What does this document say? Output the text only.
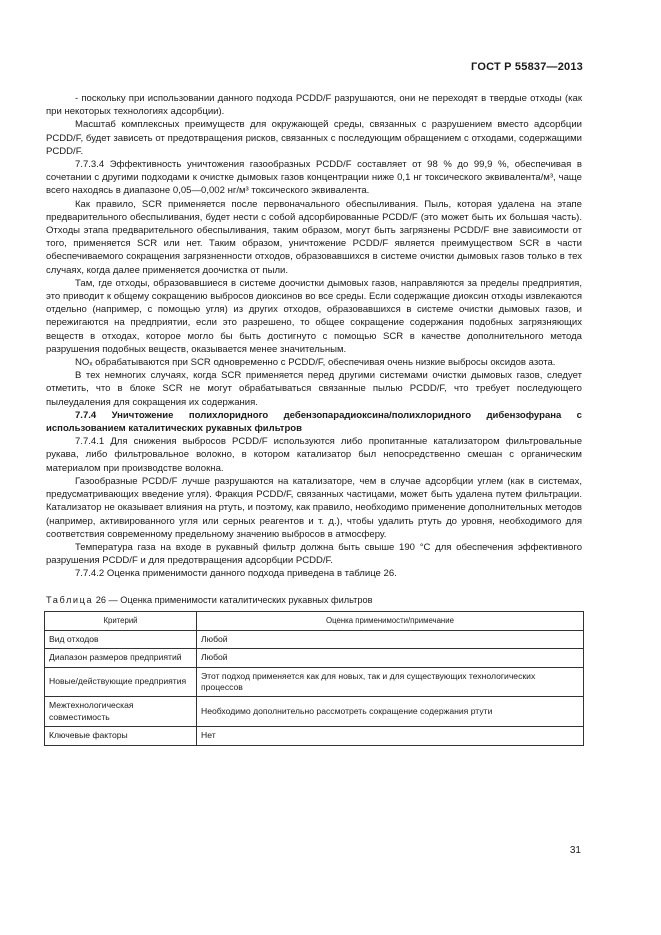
ГОСТ Р 55837—2013

- поскольку при использовании данного подхода PCDD/F разрушаются, они не переходят в твердые отходы (как при некоторых технологиях адсорбции).

Масштаб комплексных преимуществ для окружающей среды, связанных с разрушением вместо адсорбции PCDD/F, будет зависеть от предотвращения рисков, связанных с последующим обращением с отходами, содержащими PCDD/F.

7.7.3.4 Эффективность уничтожения газообразных PCDD/F составляет от 98 % до 99,9 %, обеспечивая в сочетании с другими подходами к очистке дымовых газов концентрации ниже 0,1 нг токсического эквивалента/м³, чаще всего находясь в диапазоне 0,05—0,002 нг/м³ токсического эквивалента.

Как правило, SCR применяется после первоначального обеспыливания. Пыль, которая удалена на этапе предварительного обеспыливания, будет нести с собой адсорбированные PCDD/F (это может быть их большая часть). Отходы этапа предварительного обеспыливания, таким образом, могут быть загрязнены PCDD/F вне зависимости от того, применяется SCR или нет. Таким образом, уничтожение PCDD/F является преимуществом SCR в части обеспечиваемого сокращения загрязненности отходов, образовавшихся в системе очистки дымовых газов только в тех случаях, когда далее применяется доочистка от пыли.

Там, где отходы, образовавшиеся в системе доочистки дымовых газов, направляются за пределы предприятия, это приводит к общему сокращению выбросов диоксинов во все среды. Если содержащие диоксин отходы извлекаются отдельно (например, с помощью угля) из других отходов, образовавшихся в системе очистки дымовых газов, и пережигаются на предприятии, если это разрешено, то общее сокращение содержания подобных загрязняющих веществ в отходах, которое могло бы быть достигнуто с помощью SCR в качестве дополнительного метода разрушения подобных веществ, оказывается менее значительным.

NOₓ обрабатываются при SCR одновременно с PCDD/F, обеспечивая очень низкие выбросы оксидов азота.

В тех немногих случаях, когда SCR применяется перед другими системами очистки дымовых газов, следует отметить, что в блоке SCR не могут обрабатываться связанные пылью PCDD/F, что требует последующего пылеудаления для сокращения их содержания.

7.7.4 Уничтожение полихлоридного дебензопарадиоксина/полихлоридного дибензофурана с использованием каталитических рукавных фильтров

7.7.4.1 Для снижения выбросов PCDD/F используются либо пропитанные катализатором фильтровальные рукава, либо фильтровальное волокно, в котором катализатор был непосредственно смешан с органическим материалом при производстве волокна.

Газообразные PCDD/F лучше разрушаются на катализаторе, чем в случае адсорбции углем (как в системах, предусматривающих введение угля). Фракция PCDD/F, связанных частицами, может быть удалена путем фильтрации. Катализатор не оказывает влияния на ртуть, и поэтому, как правило, необходимо применение дополнительных методов (например, активированного угля или серных реагентов и т. д.), чтобы удалить ртуть до уровня, необходимого для соответствия современному предельному значению выбросов в атмосферу.

Температура газа на входе в рукавный фильтр должна быть свыше 190 °С для обеспечения эффективного разрушения PCDD/F и для предотвращения адсорбции PCDD/F.

7.7.4.2 Оценка применимости данного подхода приведена в таблице 26.

Таблица 26 — Оценка применимости каталитических рукавных фильтров

Критерий	Оценка применимости/примечание
Вид отходов	Любой
Диапазон размеров предприятий	Любой
Новые/действующие предприятия	Этот подход применяется как для новых, так и для существующих технологических процессов
Межтехнологическая совместимость	Необходимо дополнительно рассмотреть сокращение содержания ртути
Ключевые факторы	Нет
31
